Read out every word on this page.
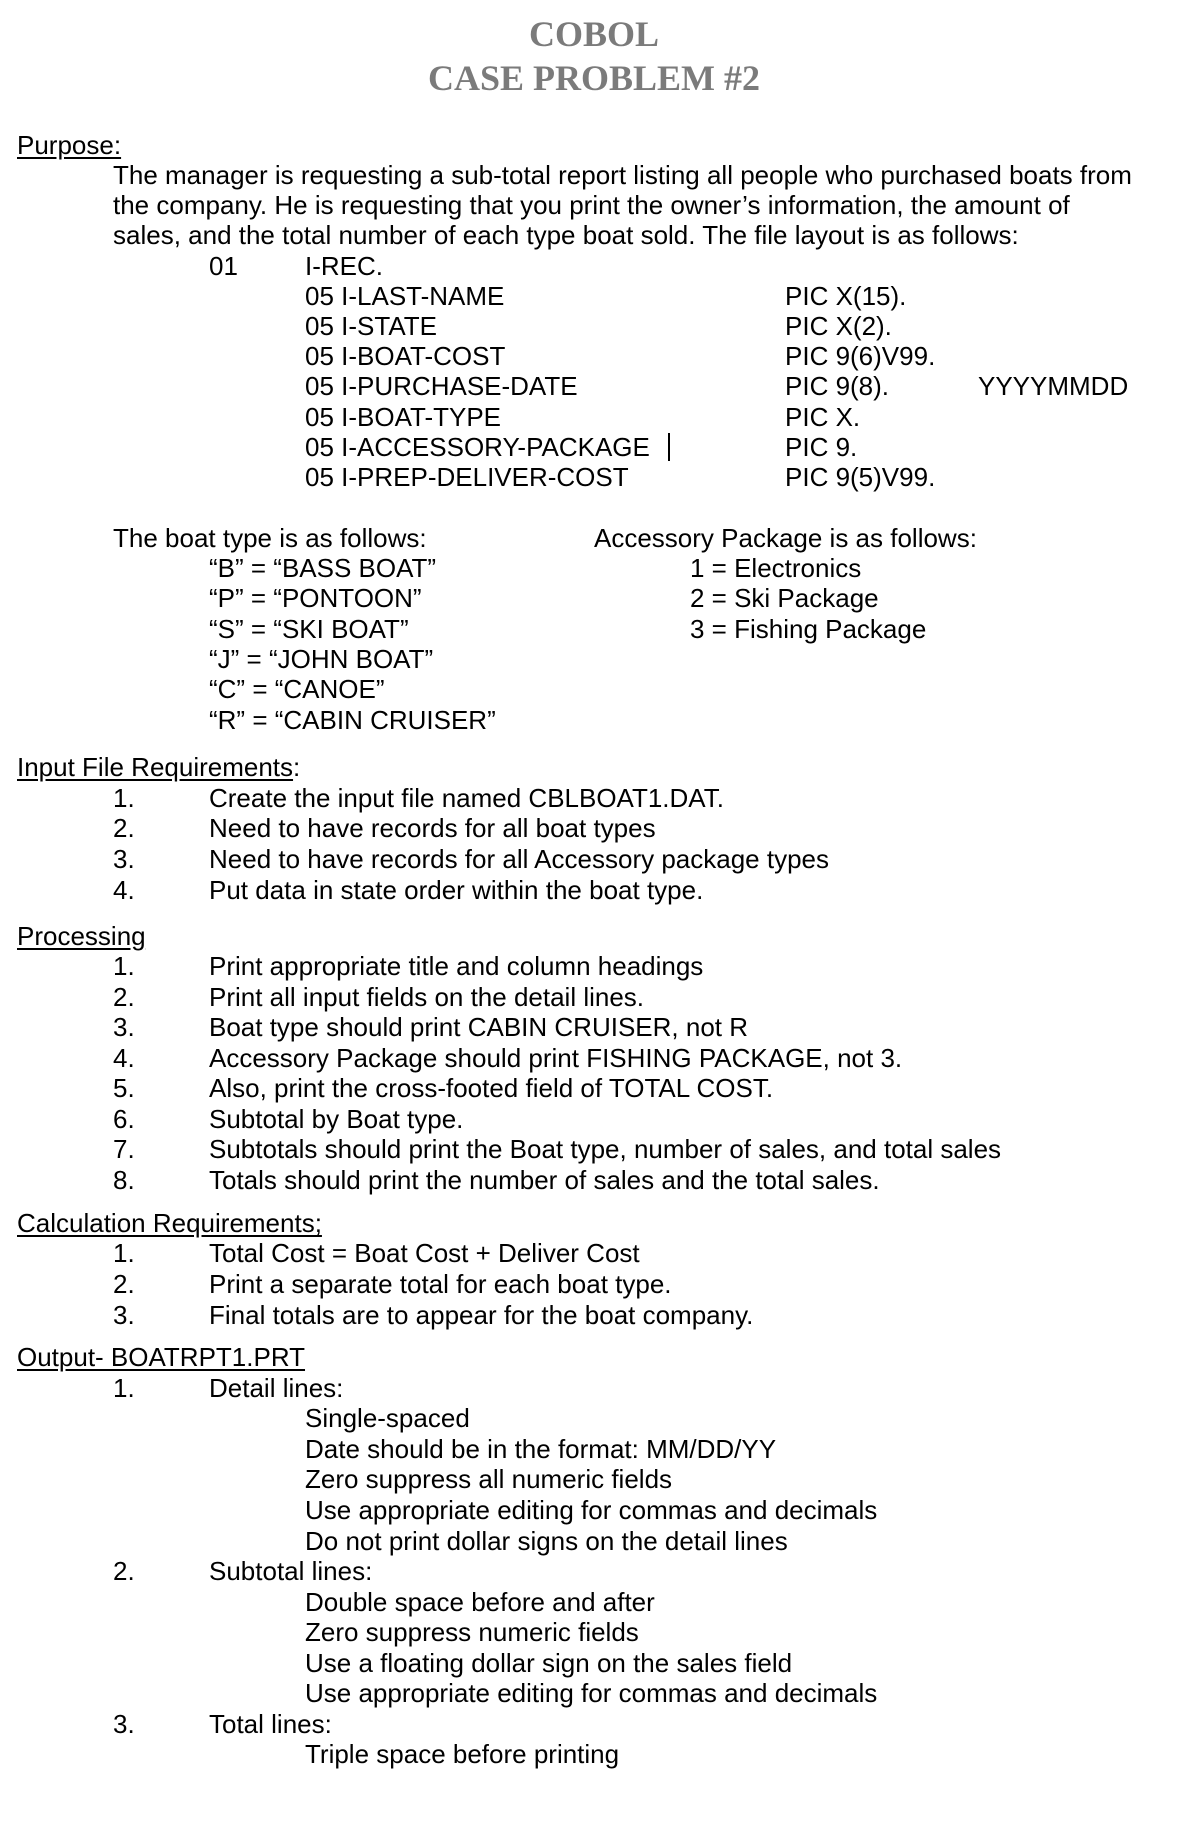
COBOL
CASE PROBLEM #2
Purpose:
The manager is requesting a sub-total report listing all people who purchased boats from
the company. He is requesting that you print the owner’s information, the amount of
sales, and the total number of each type boat sold. The file layout is as follows:
01	I-REC.
05 I-LAST-NAME	PIC X(15).
05 I-STATE	PIC X(2).
05 I-BOAT-COST	PIC 9(6)V99.
05 I-PURCHASE-DATE	PIC 9(8).	YYYYMMDD
05 I-BOAT-TYPE	PIC X.
05 I-ACCESSORY-PACKAGE	PIC 9.
05 I-PREP-DELIVER-COST	PIC 9(5)V99.
The boat type is as follows:
“B” = “BASS BOAT”
“P” = “PONTOON”
“S” = “SKI BOAT”
“J” = “JOHN BOAT”
“C” = “CANOE”
“R” = “CABIN CRUISER”
Accessory Package is as follows:
1 = Electronics
2 = Ski Package
3 = Fishing Package
Input File Requirements:
1.	Create the input file named CBLBOAT1.DAT.
2.	Need to have records for all boat types
3.	Need to have records for all Accessory package types
4.	Put data in state order within the boat type.
Processing
1.	Print appropriate title and column headings
2.	Print all input fields on the detail lines.
3.	Boat type should print CABIN CRUISER, not R
4.	Accessory Package should print FISHING PACKAGE, not 3.
5.	Also, print the cross-footed field of TOTAL COST.
6.	Subtotal by Boat type.
7.	Subtotals should print the Boat type, number of sales, and total sales
8.	Totals should print the number of sales and the total sales.
Calculation Requirements;
1.	Total Cost = Boat Cost + Deliver Cost
2.	Print a separate total for each boat type.
3.	Final totals are to appear for the boat company.
Output- BOATRPT1.PRT
1.	Detail lines:
Single-spaced
Date should be in the format: MM/DD/YY
Zero suppress all numeric fields
Use appropriate editing for commas and decimals
Do not print dollar signs on the detail lines
2.	Subtotal lines:
Double space before and after
Zero suppress numeric fields
Use a floating dollar sign on the sales field
Use appropriate editing for commas and decimals
3.	Total lines:
Triple space before printing
